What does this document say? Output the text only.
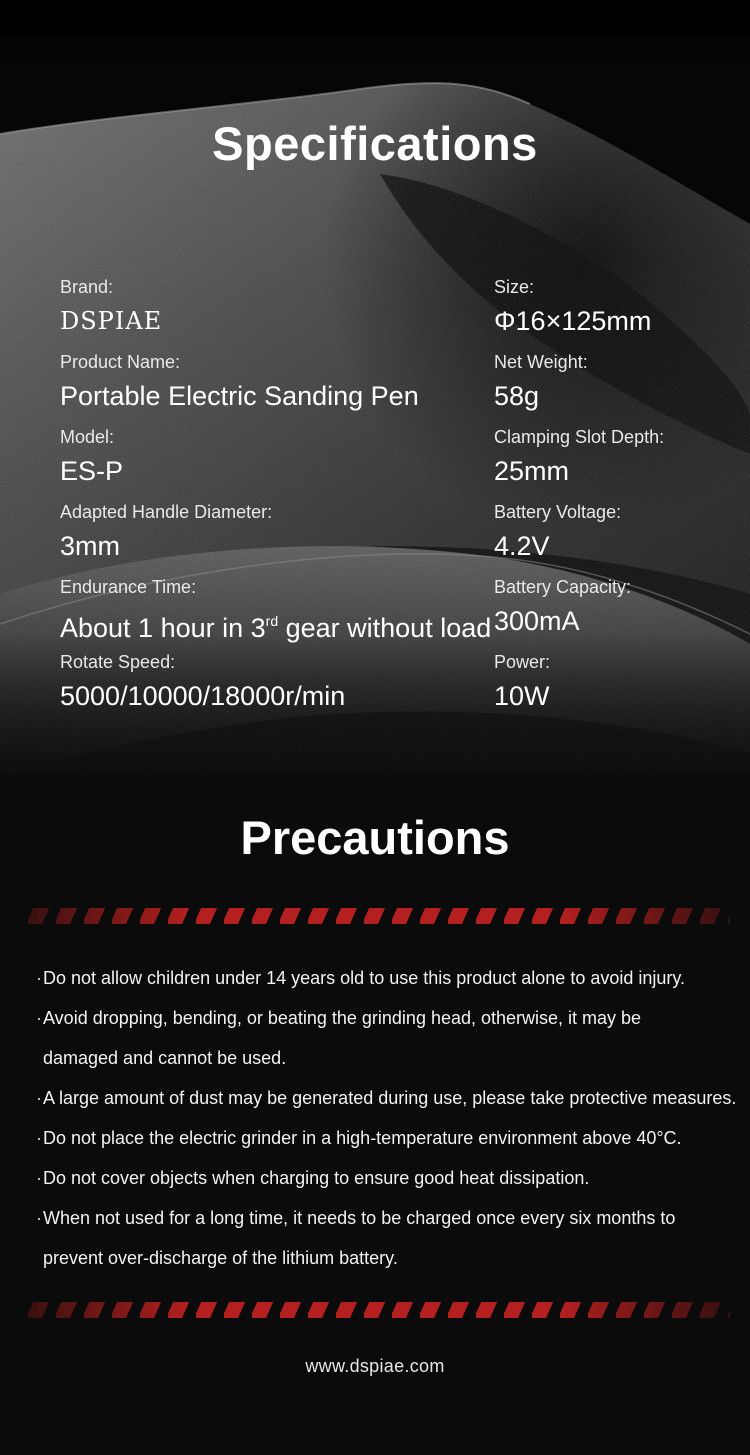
Specifications
Brand:
DSPIAE
Product Name:
Portable Electric Sanding Pen
Model:
ES-P
Adapted Handle Diameter:
3mm
Endurance Time:
About 1 hour in 3rd gear without load
Rotate Speed:
5000/10000/18000r/min
Size:
Φ16×125mm
Net Weight:
58g
Clamping Slot Depth:
25mm
Battery Voltage:
4.2V
Battery Capacity:
300mA
Power:
10W
Precautions
· Do not allow children under 14 years old to use this product alone to avoid injury.
· Avoid dropping, bending, or beating the grinding head, otherwise, it may be
damaged and cannot be used.
· A large amount of dust may be generated during use, please take protective measures.
· Do not place the electric grinder in a high-temperature environment above 40°C.
· Do not cover objects when charging to ensure good heat dissipation.
· When not used for a long time, it needs to be charged once every six months to
prevent over-discharge of the lithium battery.
www.dspiae.com
